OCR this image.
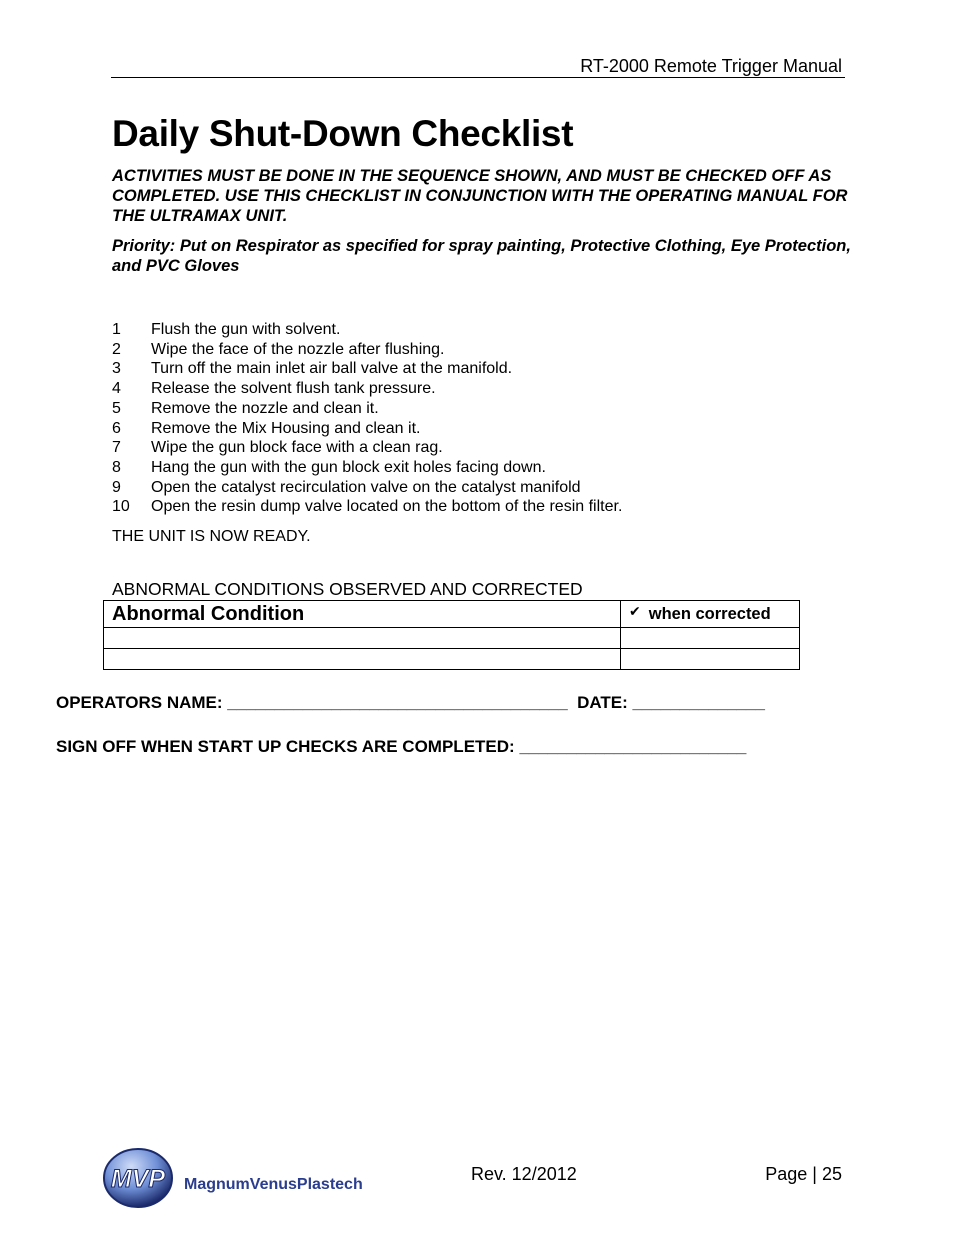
RT-2000 Remote Trigger Manual
Daily Shut-Down Checklist
ACTIVITIES MUST BE DONE IN THE SEQUENCE SHOWN, AND MUST BE CHECKED OFF AS COMPLETED. USE THIS CHECKLIST IN CONJUNCTION WITH THE OPERATING MANUAL FOR THE ULTRAMAX UNIT.
Priority: Put on Respirator as specified for spray painting, Protective Clothing, Eye Protection, and PVC Gloves
1	Flush the gun with solvent.
2	Wipe the face of the nozzle after flushing.
3	Turn off the main inlet air ball valve at the manifold.
4	Release the solvent flush tank pressure.
5	Remove the nozzle and clean it.
6	Remove the Mix Housing and clean it.
7	Wipe the gun block face with a clean rag.
8	Hang the gun with the gun block exit holes facing down.
9	Open the catalyst recirculation valve on the catalyst manifold
10	Open the resin dump valve located on the bottom of the resin filter.
THE UNIT IS NOW READY.
ABNORMAL CONDITIONS OBSERVED AND CORRECTED
Abnormal Condition	✔ when corrected

OPERATORS NAME: ____________________________________ DATE: ______________
SIGN OFF WHEN START UP CHECKS ARE COMPLETED: ________________________
MVP MagnumVenusPlastech
Rev. 12/2012	Page | 25
